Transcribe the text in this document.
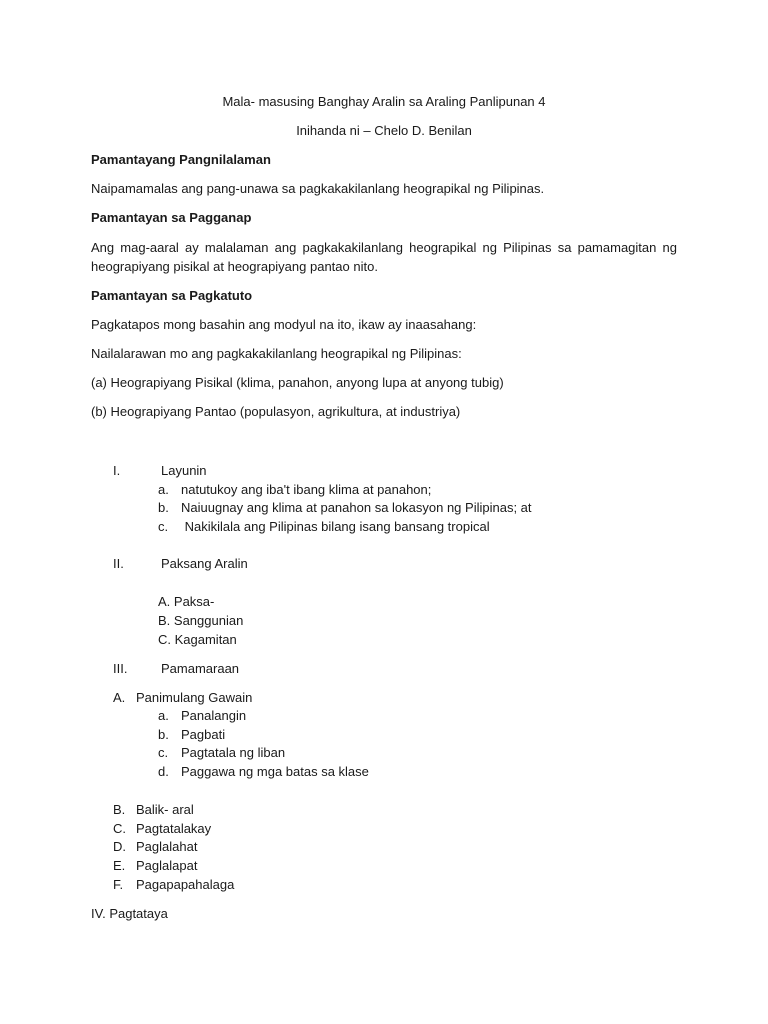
Mala- masusing Banghay Aralin sa Araling Panlipunan 4
Inihanda ni – Chelo D. Benilan
Pamantayang Pangnilalaman
Naipamamalas ang pang-unawa sa pagkakakilanlang heograpikal ng Pilipinas.
Pamantayan sa Pagganap
Ang mag-aaral ay malalaman ang pagkakakilanlang heograpikal ng Pilipinas sa pamamagitan ng heograpiyang pisikal at heograpiyang pantao nito.
Pamantayan sa Pagkatuto
Pagkatapos mong basahin ang modyul na ito, ikaw ay inaasahang:
Nailalarawan mo ang pagkakakilanlang heograpikal ng Pilipinas:
(a) Heograpiyang Pisikal (klima, panahon, anyong lupa at anyong tubig)
(b) Heograpiyang Pantao (populasyon, agrikultura, at industriya)
I.	Layunin
a. natutukoy ang iba't ibang klima at panahon;
b. Naiuugnay ang klima at panahon sa lokasyon ng Pilipinas; at
c. Nakikilala ang Pilipinas bilang isang bansang tropical
II.	Paksang Aralin
A. Paksa-
B. Sanggunian
C. Kagamitan
III.	Pamamaraan
A. Panimulang Gawain
a. Panalangin
b. Pagbati
c. Pagtatala ng liban
d. Paggawa ng mga batas sa klase
B. Balik- aral
C. Pagtatalakay
D. Paglalahat
E. Paglalapat
F. Pagapapahalaga
IV. Pagtataya
